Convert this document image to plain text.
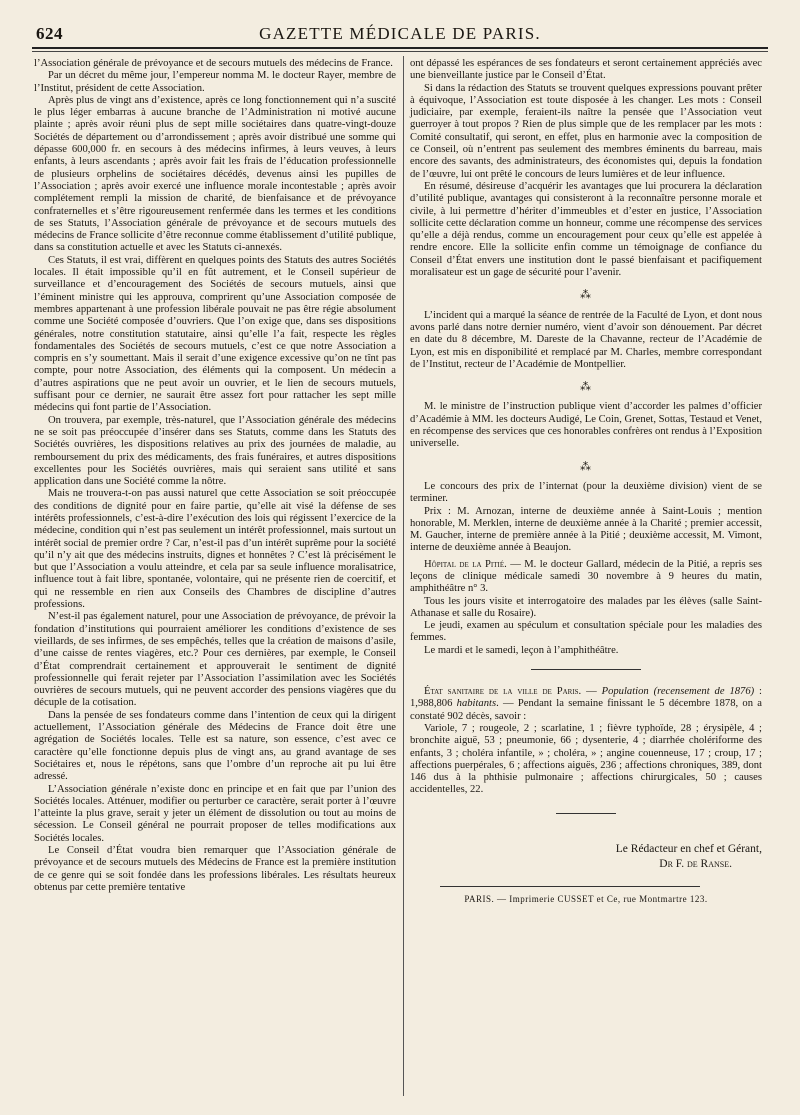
624	GAZETTE MÉDICALE DE PARIS.

l’Association générale de prévoyance et de secours mutuels des médecins de France.

Par un décret du même jour, l’empereur nomma M. le docteur Rayer, membre de l’Institut, président de cette Association.

Après plus de vingt ans d’existence, après ce long fonctionnement qui n’a suscité le plus léger embarras à aucune branche de l’Administration ni motivé aucune plainte ; après avoir réuni plus de sept mille sociétaires dans quatre-vingt-douze Sociétés de département ou d’arrondissement ; après avoir distribué une somme qui dépasse 600,000 fr. en secours à des médecins infirmes, à leurs veuves, à leurs enfants, à leurs ascendants ; après avoir fait les frais de l’éducation professionnelle de plusieurs orphelins de sociétaires décédés, devenus ainsi les pupilles de l’Association ; après avoir exercé une influence morale incontestable ; après avoir complétement rempli la mission de charité, de bienfaisance et de prévoyance confraternelles et s’être rigoureusement renfermée dans les termes et les conditions de ses Statuts, l’Association générale de prévoyance et de secours mutuels des médecins de France sollicite d’être reconnue comme établissement d’utilité publique, dans sa constitution actuelle et avec les Statuts ci-annexés.

Ces Statuts, il est vrai, diffèrent en quelques points des Statuts des autres Sociétés locales. Il était impossible qu’il en fût autrement, et le Conseil supérieur de surveillance et d’encouragement des Sociétés de secours mutuels, ainsi que l’éminent ministre qui les approuva, comprirent qu’une Association composée de membres appartenant à une profession libérale pouvait ne pas être régie absolument comme une Société composée d’ouvriers. Que l’on exige que, dans ses dispositions générales, notre constitution statutaire, ainsi qu’elle l’a fait, respecte les règles fondamentales des Sociétés de secours mutuels, c’est ce que notre Association a compris en s’y soumettant. Mais il serait d’une exigence excessive qu’on ne tînt pas compte, pour notre Association, des éléments qui la composent. Un médecin a d’autres aspirations que ne peut avoir un ouvrier, et le lien de secours mutuels, suffisant pour ce dernier, ne saurait être assez fort pour rattacher les sept mille médecins qui font partie de l’Association.

On trouvera, par exemple, très-naturel, que l’Association générale des médecins ne se soit pas préoccupée d’insérer dans ses Statuts, comme dans les Statuts des Sociétés ouvrières, les dispositions relatives au prix des journées de maladie, au remboursement du prix des médicaments, des frais funéraires, et autres dispositions excellentes pour les Sociétés ouvrières, mais qui seraient sans utilité et sans application dans une Société comme la nôtre.

Mais ne trouvera-t-on pas aussi naturel que cette Association se soit préoccupée des conditions de dignité pour en faire partie, qu’elle ait visé la défense de ses intérêts professionnels, c’est-à-dire l’exécution des lois qui régissent l’exercice de la médecine, condition qui n’est pas seulement un intérêt professionnel, mais surtout un intérêt social de premier ordre ? Car, n’est-il pas d’un intérêt suprême pour la société qu’il n’y ait que des médecins instruits, dignes et honnêtes ? C’est là précisément le but que l’Association a voulu atteindre, et cela par sa seule influence moralisatrice, influence tout à fait libre, spontanée, volontaire, qui ne présente rien de coercitif, et qui ne ressemble en rien aux Conseils des Chambres de discipline d’autres professions.

N’est-il pas également naturel, pour une Association de prévoyance, de prévoir la fondation d’institutions qui pourraient améliorer les conditions d’existence de ses vieillards, de ses infirmes, de ses empêchés, telles que la création de maisons d’asile, d’une caisse de rentes viagères, etc.? Pour ces dernières, par exemple, le Conseil d’État comprendrait certainement et approuverait le sentiment de dignité professionnelle qui ferait rejeter par l’Association l’assimilation avec les Sociétés ouvrières de secours mutuels, qui ne peuvent accorder des pensions viagères que du décuple de la cotisation.

Dans la pensée de ses fondateurs comme dans l’intention de ceux qui la dirigent actuellement, l’Association générale des Médecins de France doit être une agrégation de Sociétés locales. Telle est sa nature, son essence, c’est avec ce caractère qu’elle fonctionne depuis plus de vingt ans, au grand avantage de ses Sociétaires et, nous le répétons, sans que l’ombre d’un reproche ait pu lui être adressé.

L’Association générale n’existe donc en principe et en fait que par l’union des Sociétés locales. Atténuer, modifier ou perturber ce caractère, serait porter à l’œuvre l’atteinte la plus grave, serait y jeter un élément de dissolution ou tout au moins de sécession. Le Conseil général ne pourrait proposer de telles modifications aux Sociétés locales.

Le Conseil d’État voudra bien remarquer que l’Association générale de prévoyance et de secours mutuels des Médecins de France est la première institution de ce genre qui se soit fondée dans les professions libérales. Les résultats heureux obtenus par cette première tentative

ont dépassé les espérances de ses fondateurs et seront certainement appréciés avec une bienveillante justice par le Conseil d’État.

Si dans la rédaction des Statuts se trouvent quelques expressions pouvant prêter à équivoque, l’Association est toute disposée à les changer. Les mots : Conseil judiciaire, par exemple, feraient-ils naître la pensée que l’Association veut guerroyer à tout propos ? Rien de plus simple que de les remplacer par les mots : Comité consultatif, qui seront, en effet, plus en harmonie avec la composition de ce Conseil, où n’entrent pas seulement des membres éminents du barreau, mais encore des savants, des administrateurs, des économistes qui, depuis la fondation de l’œuvre, lui ont prêté le concours de leurs lumières et de leur influence.

En résumé, désireuse d’acquérir les avantages que lui procurera la déclaration d’utilité publique, avantages qui consisteront à la reconnaître personne morale et civile, à lui permettre d’hériter d’immeubles et d’ester en justice, l’Association sollicite cette déclaration comme un honneur, comme une récompense des services qu’elle a déjà rendus, comme un encouragement pour ceux qu’elle est appelée à rendre encore. Elle la sollicite enfin comme un témoignage de confiance du Conseil d’État envers une institution dont le passé bienfaisant et pacifiquement moralisateur est un gage de sécurité pour l’avenir.

⁂

L’incident qui a marqué la séance de rentrée de la Faculté de Lyon, et dont nous avons parlé dans notre dernier numéro, vient d’avoir son dénouement. Par décret en date du 8 décembre, M. Dareste de la Chavanne, recteur de l’Académie de Lyon, est mis en disponibilité et remplacé par M. Charles, membre correspondant de l’Institut, recteur de l’Académie de Montpellier.

⁂

M. le ministre de l’instruction publique vient d’accorder les palmes d’officier d’Académie à MM. les docteurs Audigé, Le Coin, Grenet, Sottas, Testaud et Venet, en récompense des services que ces honorables confrères ont rendus à l’Exposition universelle.

⁂

Le concours des prix de l’internat (pour la deuxième division) vient de se terminer.

Prix : M. Arnozan, interne de deuxième année à Saint-Louis ; mention honorable, M. Merklen, interne de deuxième année à la Charité ; premier accessit, M. Gaucher, interne de première année à la Pitié ; deuxième accessit, M. Vimont, interne de deuxième année à Beaujon.

Hôpital de la Pitié. — M. le docteur Gallard, médecin de la Pitié, a repris ses leçons de clinique médicale samedi 30 novembre à 9 heures du matin, amphithéâtre n° 3.

Tous les jours visite et interrogatoire des malades par les élèves (salle Saint-Athanase et salle du Rosaire).

Le jeudi, examen au spéculum et consultation spéciale pour les maladies des femmes.

Le mardi et le samedi, leçon à l’amphithéâtre.

État sanitaire de la ville de Paris. — Population (recensement de 1876) : 1,988,806 habitants. — Pendant la semaine finissant le 5 décembre 1878, on a constaté 902 décès, savoir :

Variole, 7 ; rougeole, 2 ; scarlatine, 1 ; fièvre typhoïde, 28 ; érysipèle, 4 ; bronchite aiguë, 53 ; pneumonie, 66 ; dysenterie, 4 ; diarrhée cholériforme des enfants, 3 ; choléra infantile, » ; choléra, » ; angine couenneuse, 17 ; croup, 17 ; affections puerpérales, 6 ; affections aiguës, 236 ; affections chroniques, 389, dont 146 dus à la phthisie pulmonaire ; affections chirurgicales, 50 ; causes accidentelles, 22.

Le Rédacteur en chef et Gérant,
Dr F. de Ranse.
PARIS. — Imprimerie CUSSET et Ce, rue Montmartre 123.
